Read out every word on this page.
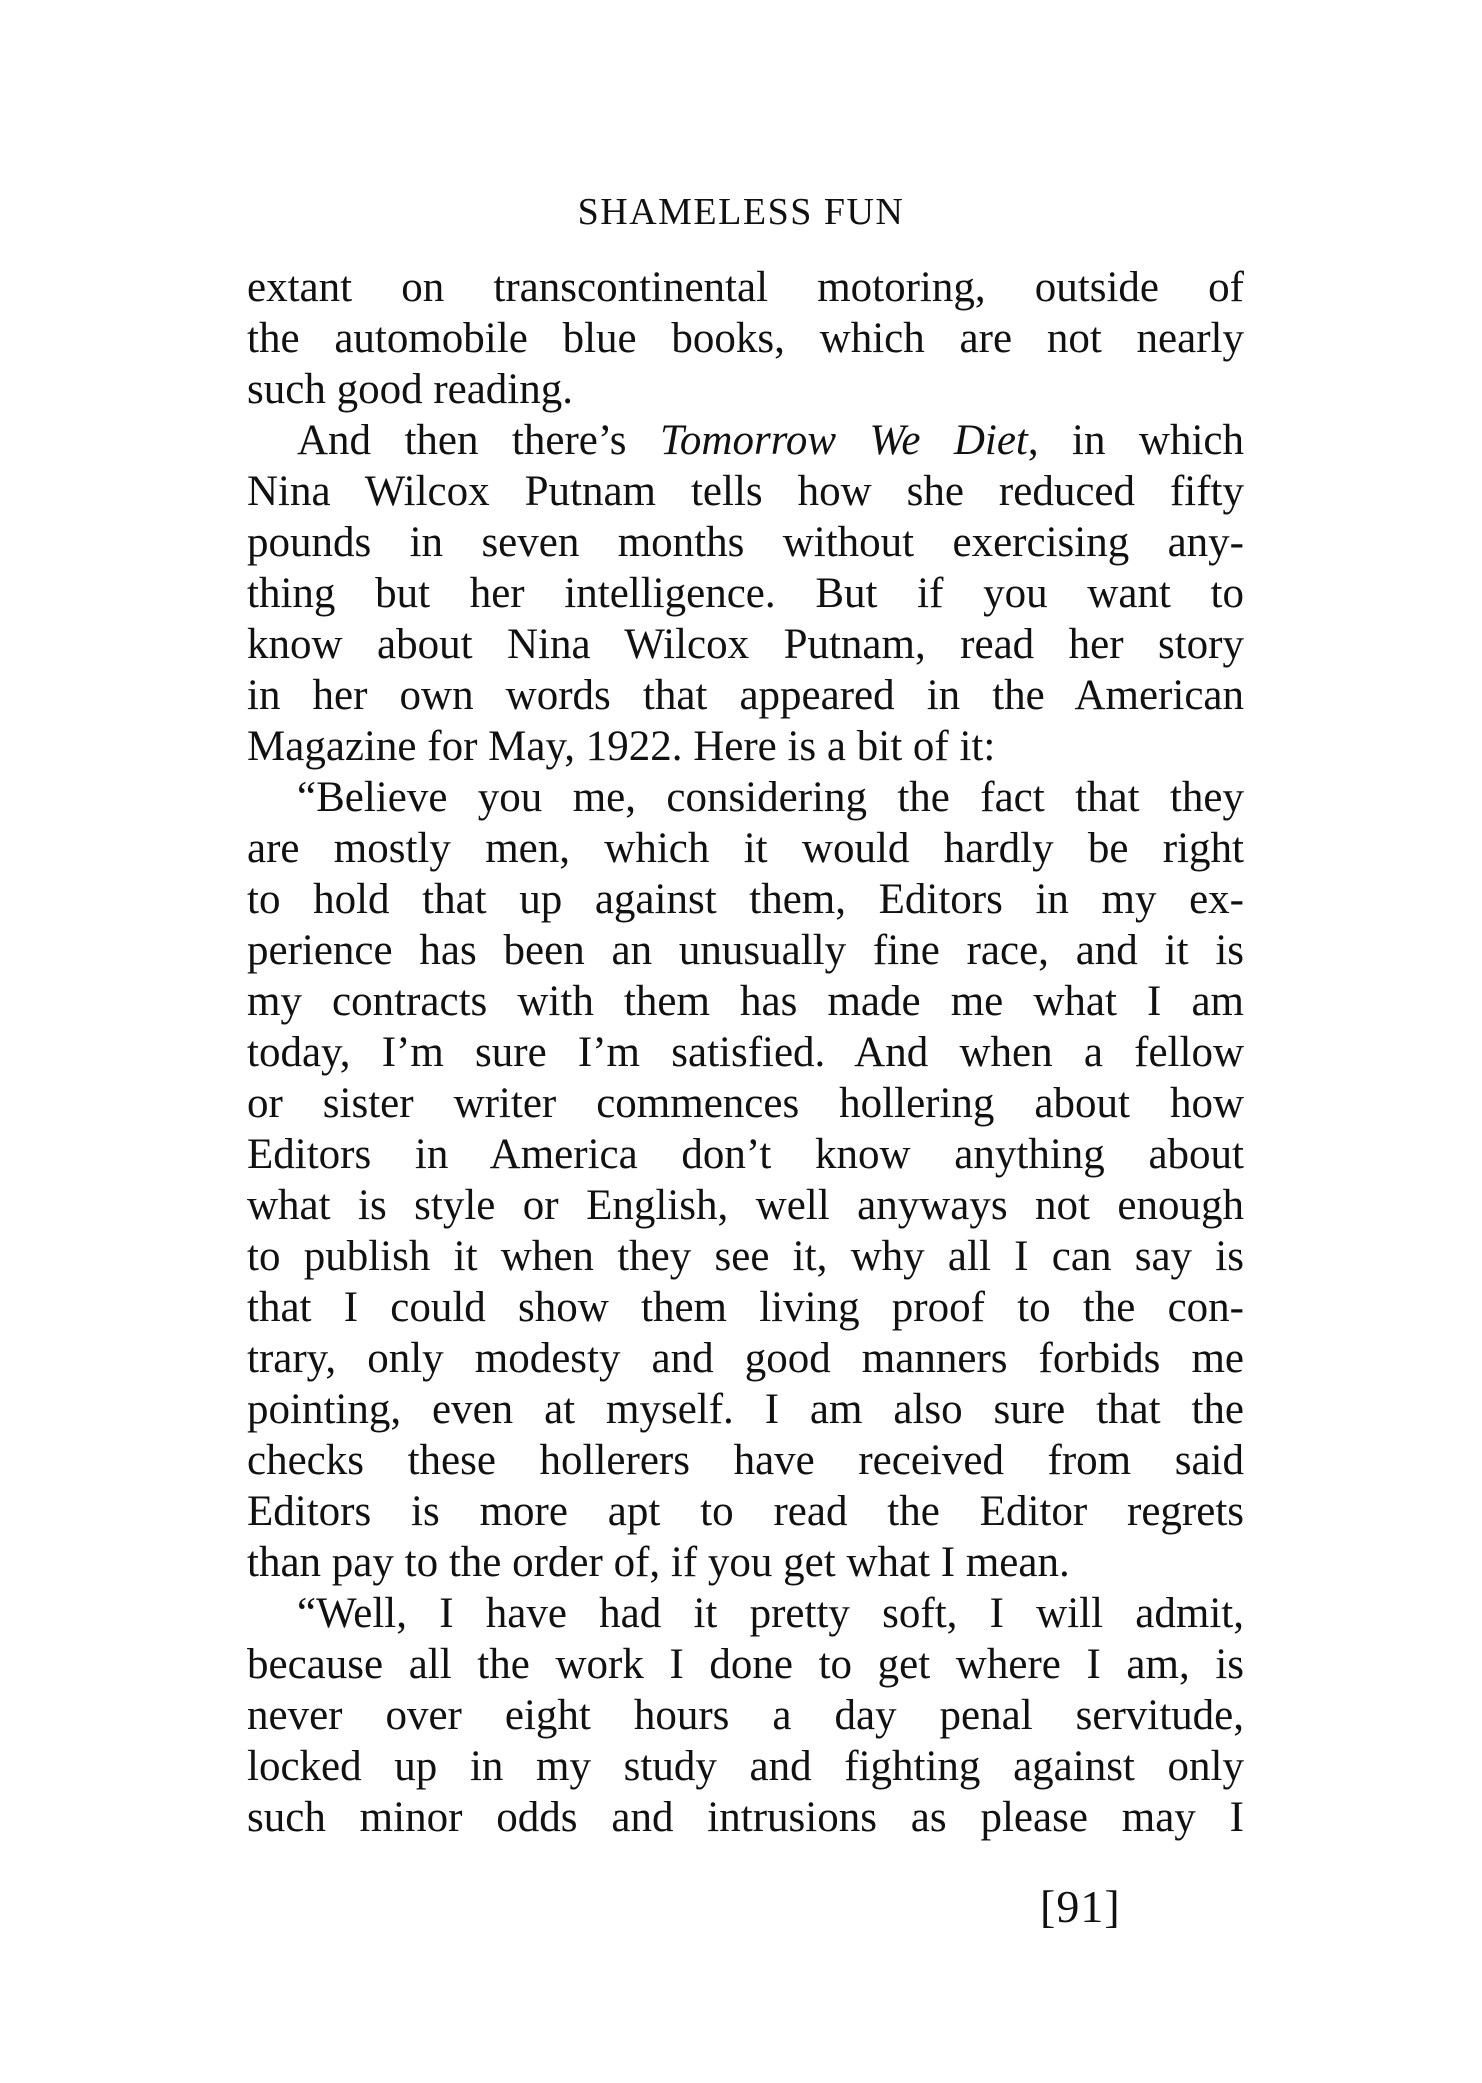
SHAMELESS FUN
extant on transcontinental motoring, outside of
the automobile blue books, which are not nearly
such good reading.
And then there’s Tomorrow We Diet, in which
Nina Wilcox Putnam tells how she reduced fifty
pounds in seven months without exercising any-
thing but her intelligence. But if you want to
know about Nina Wilcox Putnam, read her story
in her own words that appeared in the American
Magazine for May, 1922. Here is a bit of it:
“Believe you me, considering the fact that they
are mostly men, which it would hardly be right
to hold that up against them, Editors in my ex-
perience has been an unusually fine race, and it is
my contracts with them has made me what I am
today, I’m sure I’m satisfied. And when a fellow
or sister writer commences hollering about how
Editors in America don’t know anything about
what is style or English, well anyways not enough
to publish it when they see it, why all I can say is
that I could show them living proof to the con-
trary, only modesty and good manners forbids me
pointing, even at myself. I am also sure that the
checks these hollerers have received from said
Editors is more apt to read the Editor regrets
than pay to the order of, if you get what I mean.
“Well, I have had it pretty soft, I will admit,
because all the work I done to get where I am, is
never over eight hours a day penal servitude,
locked up in my study and fighting against only
such minor odds and intrusions as please may I
[91]
